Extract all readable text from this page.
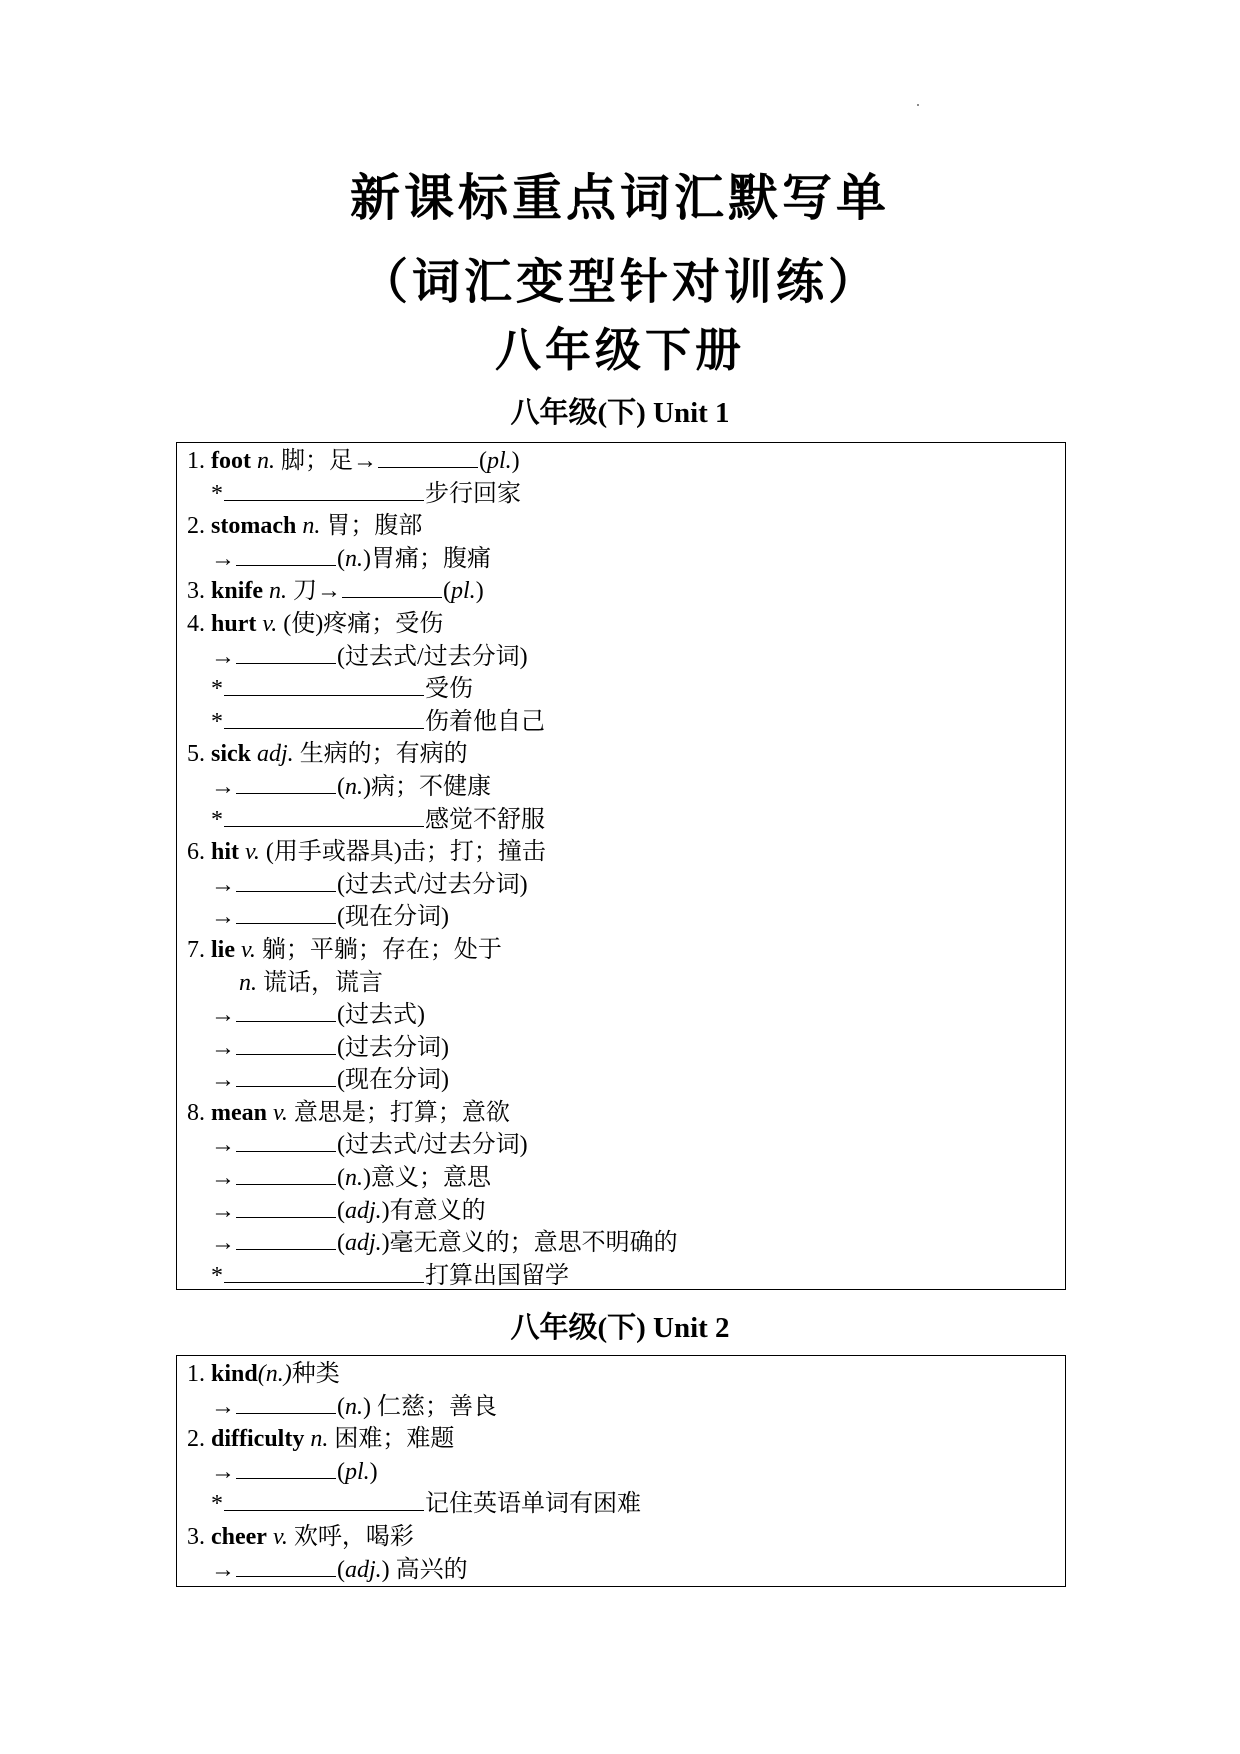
新课标重点词汇默写单
（词汇变型针对训练）
八年级下册
八年级(下) Unit 1
1. foot n. 脚；足→	(pl.)
*	步行回家
2. stomach n. 胃；腹部
→	(n.)胃痛；腹痛
3. knife n. 刀→	(pl.)
4. hurt v. (使)疼痛；受伤
→	(过去式/过去分词)
*	受伤
*	伤着他自己
5. sick adj. 生病的；有病的
→	(n.)病；不健康
*	感觉不舒服
6. hit v. (用手或器具)击；打；撞击
→	(过去式/过去分词)
→	(现在分词)
7. lie v. 躺；平躺；存在；处于
n. 谎话，谎言
→	(过去式)
→	(过去分词)
→	(现在分词)
8. mean v. 意思是；打算；意欲
→	(过去式/过去分词)
→	(n.)意义；意思
→	(adj.)有意义的
→	(adj.)毫无意义的；意思不明确的
*	打算出国留学
八年级(下) Unit 2
1. kind(n.)种类
→	(n.) 仁慈；善良
2. difficulty n. 困难；难题
→	(pl.)
*	记住英语单词有困难
3. cheer v. 欢呼，喝彩
→	(adj.) 高兴的
